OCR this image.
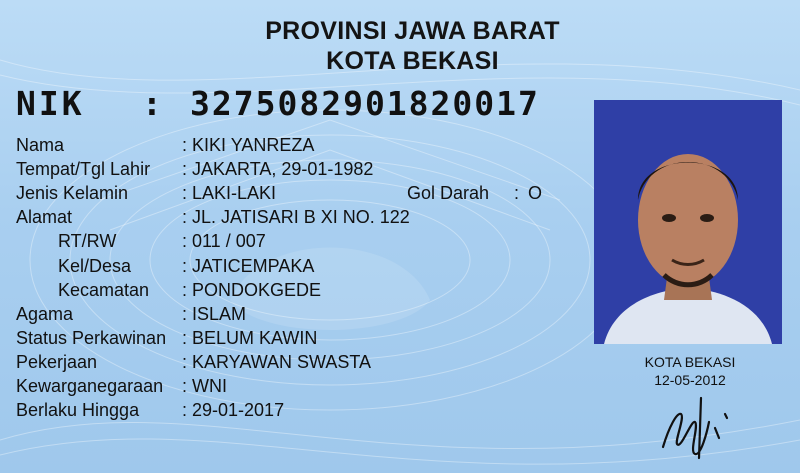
PROVINSI JAWA BARAT
KOTA BEKASI
NIK : 3275082901820017
Nama	: KIKI YANREZA
Tempat/Tgl Lahir : JAKARTA, 29-01-1982
Jenis Kelamin	: LAKI-LAKI	Gol Darah : O
Alamat	: JL. JATISARI B XI NO. 122
RT/RW	: 011 / 007
Kel/Desa	: JATICEMPAKA
Kecamatan : PONDOKGEDE
Agama	: ISLAM
Status Perkawinan : BELUM KAWIN
Pekerjaan	: KARYAWAN SWASTA
Kewarganegaraan : WNI
Berlaku Hingga : 29-01-2017
KOTA BEKASI
12-05-2012
